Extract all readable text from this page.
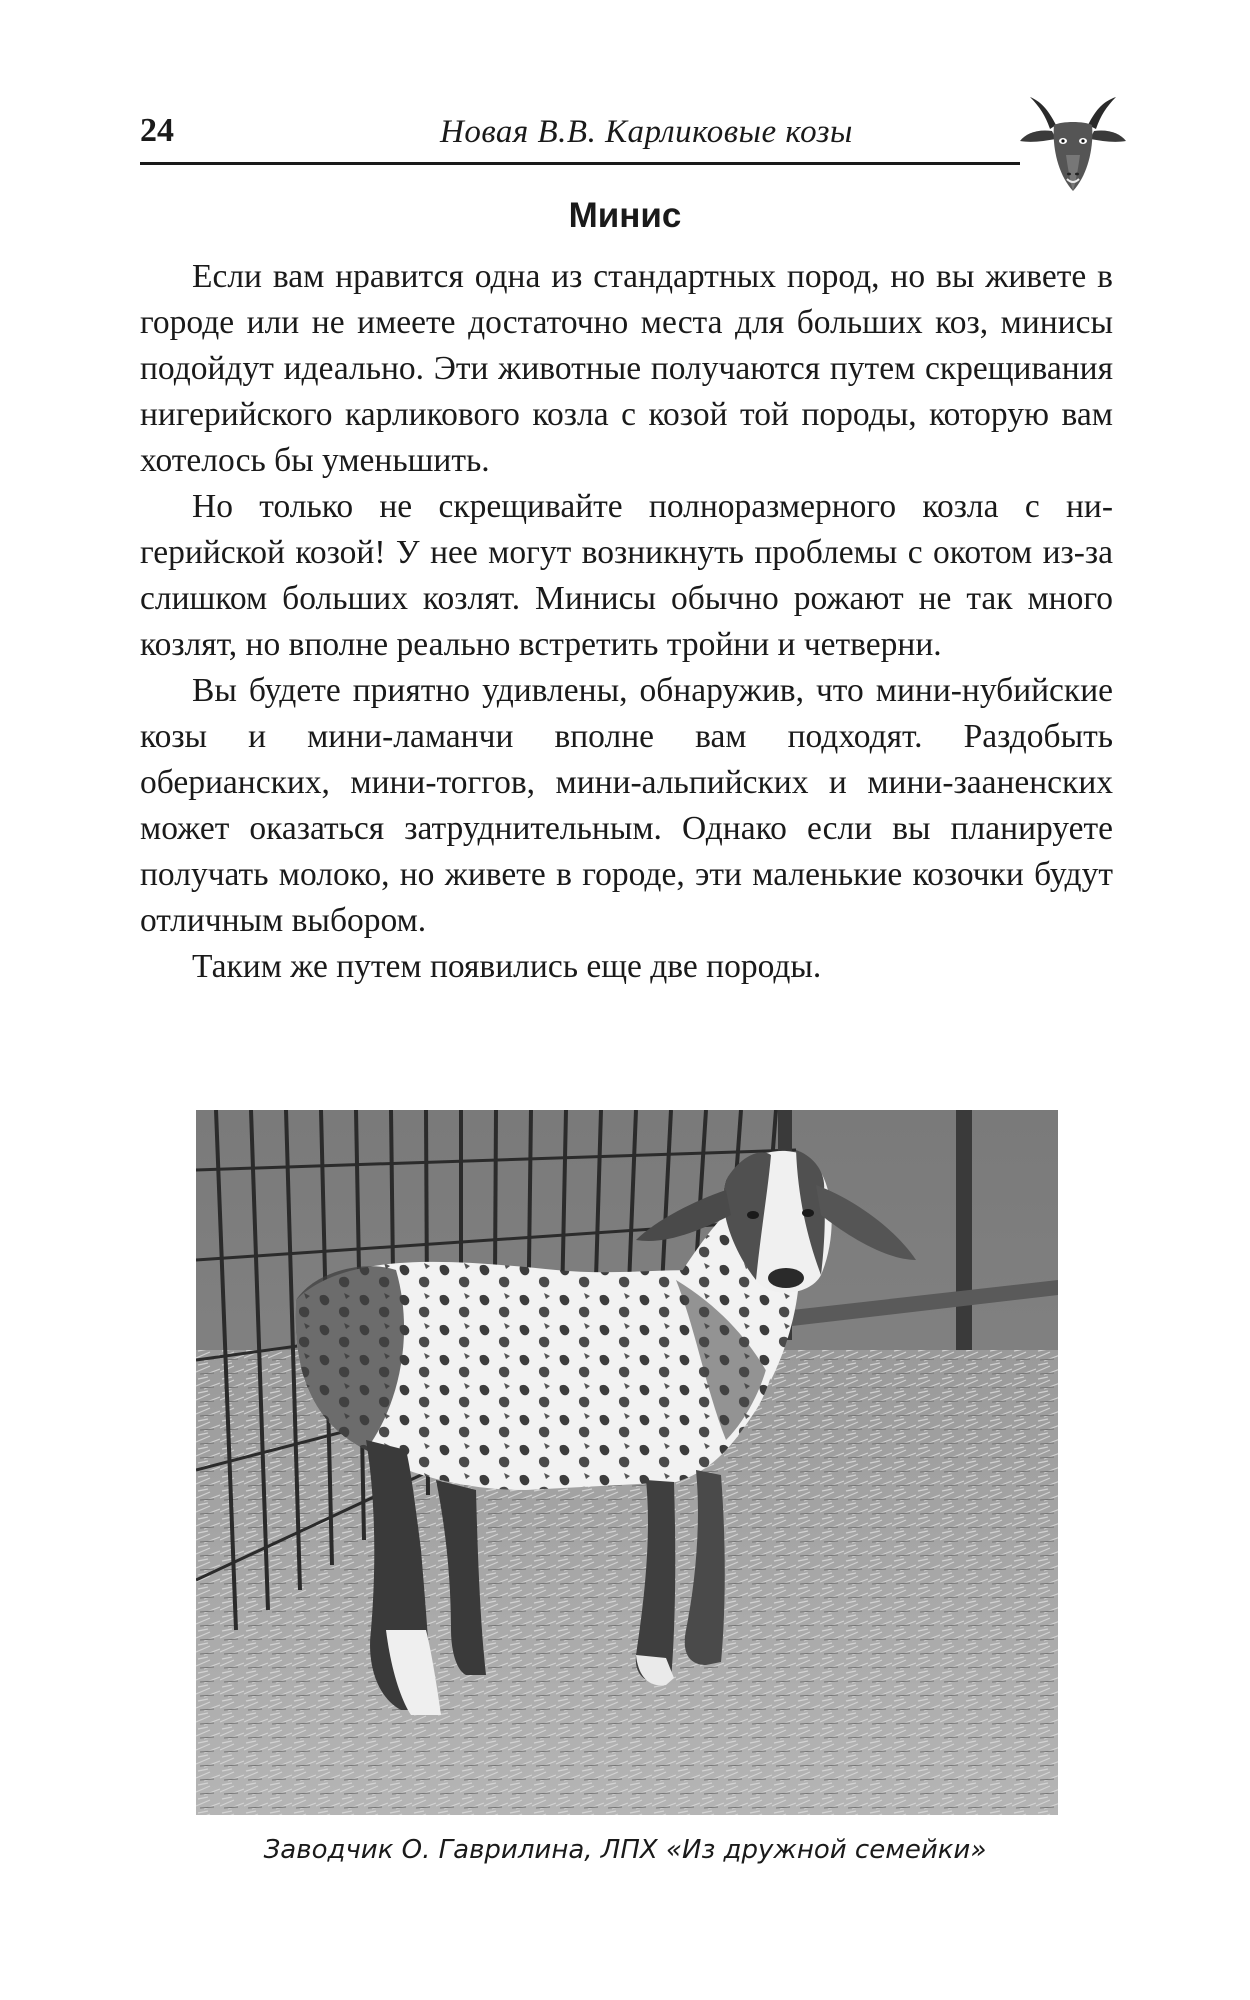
24	Новая В.В. Карликовые козы
Минис

Если вам нравится одна из стандартных пород, но вы живете в городе или не имеете достаточно места для больших коз, минисы подойдут идеально. Эти животные получаются путем скрещивания нигерийского карликового козла с козой той породы, которую вам хотелось бы уменьшить.

Но только не скрещивайте полноразмерного козла с нигерийской козой! У нее могут возникнуть проблемы с окотом из-за слишком больших козлят. Минисы обычно рожают не так много козлят, но вполне реально встретить тройни и четверни.

Вы будете приятно удивлены, обнаружив, что мини-нубийские козы и мини-ламанчи вполне вам подходят. Раздобыть оберианских, мини-тоггов, мини-альпийских и мини-зааненских может оказаться затруднительным. Однако если вы планируете получать молоко, но живете в городе, эти маленькие козочки будут отличным выбором.

Таким же путем появились еще две породы.

Заводчик О. Гаврилина, ЛПХ «Из дружной семейки»
